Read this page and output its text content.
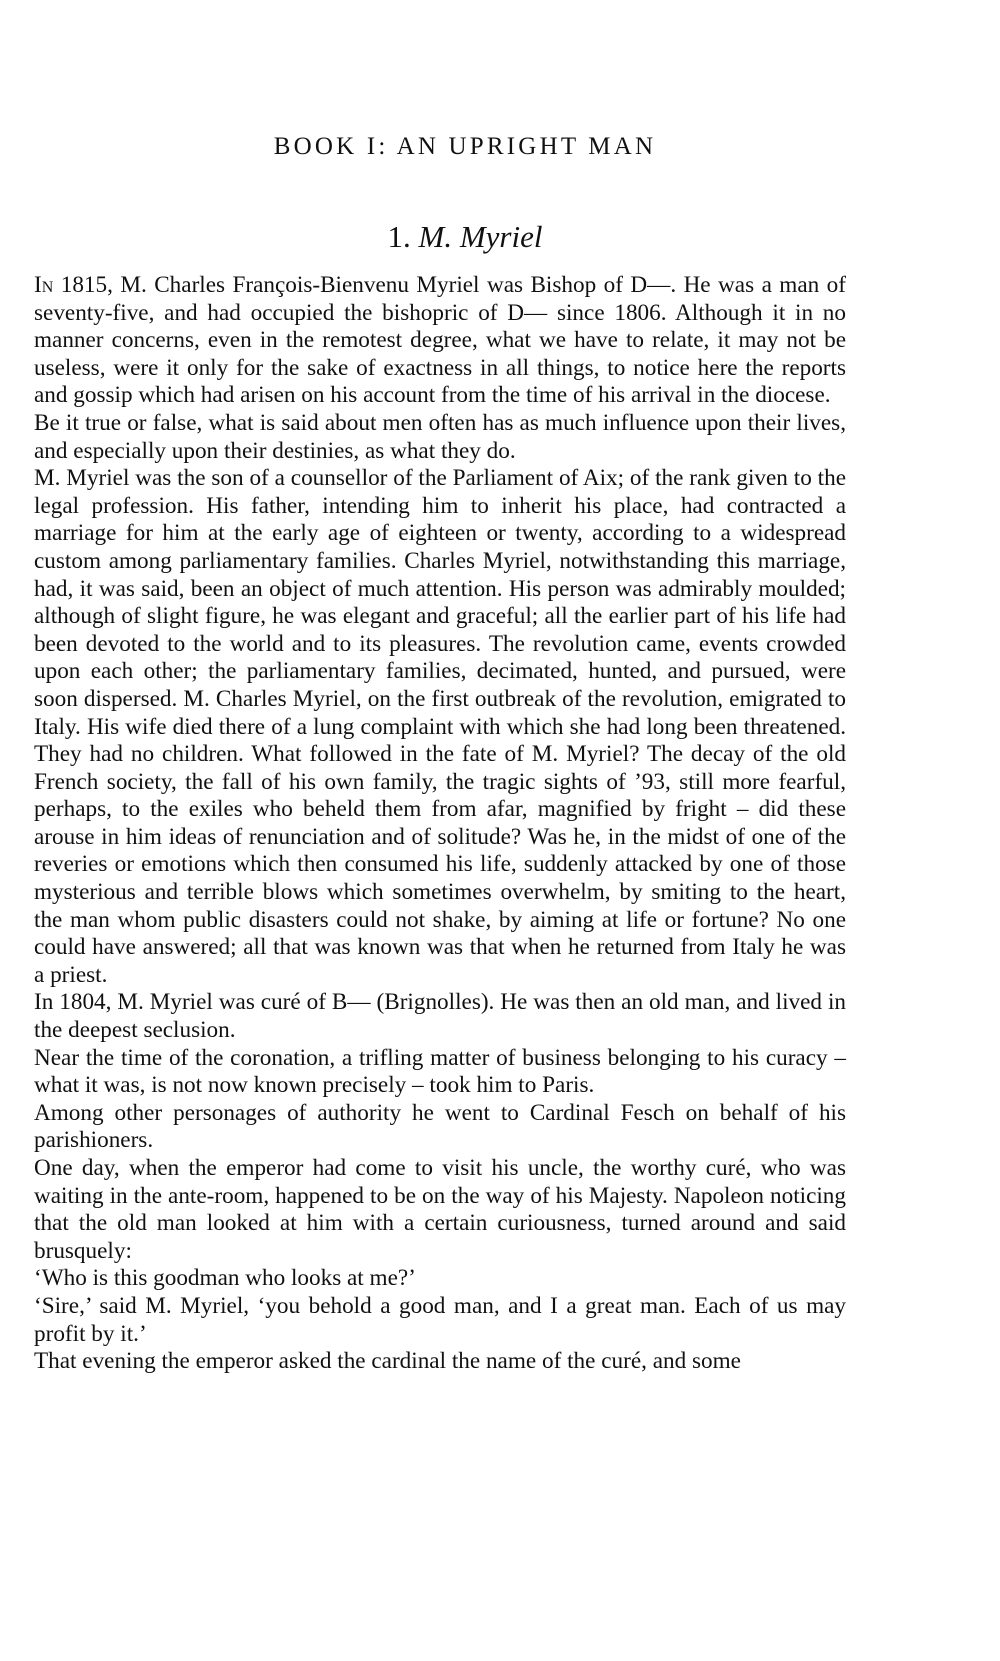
BOOK I: AN UPRIGHT MAN
1. M. Myriel

In 1815, M. Charles François-Bienvenu Myriel was Bishop of D—. He was a man of seventy-five, and had occupied the bishopric of D— since 1806. Although it in no manner concerns, even in the remotest degree, what we have to relate, it may not be useless, were it only for the sake of exactness in all things, to notice here the reports and gossip which had arisen on his account from the time of his arrival in the diocese.

Be it true or false, what is said about men often has as much influence upon their lives, and especially upon their destinies, as what they do.

M. Myriel was the son of a counsellor of the Parliament of Aix; of the rank given to the legal profession. His father, intending him to inherit his place, had contracted a marriage for him at the early age of eighteen or twenty, according to a widespread custom among parliamentary families. Charles Myriel, notwithstanding this marriage, had, it was said, been an object of much attention. His person was admirably moulded; although of slight figure, he was elegant and graceful; all the earlier part of his life had been devoted to the world and to its pleasures. The revolution came, events crowded upon each other; the parliamentary families, decimated, hunted, and pursued, were soon dispersed. M. Charles Myriel, on the first outbreak of the revolution, emigrated to Italy. His wife died there of a lung complaint with which she had long been threatened. They had no children. What followed in the fate of M. Myriel? The decay of the old French society, the fall of his own family, the tragic sights of ’93, still more fearful, perhaps, to the exiles who beheld them from afar, magnified by fright – did these arouse in him ideas of renunciation and of solitude? Was he, in the midst of one of the reveries or emotions which then consumed his life, suddenly attacked by one of those mysterious and terrible blows which sometimes overwhelm, by smiting to the heart, the man whom public disasters could not shake, by aiming at life or fortune? No one could have answered; all that was known was that when he returned from Italy he was a priest.

In 1804, M. Myriel was curé of B— (Brignolles). He was then an old man, and lived in the deepest seclusion.

Near the time of the coronation, a trifling matter of business belonging to his curacy – what it was, is not now known precisely – took him to Paris.

Among other personages of authority he went to Cardinal Fesch on behalf of his parishioners.

One day, when the emperor had come to visit his uncle, the worthy curé, who was waiting in the ante-room, happened to be on the way of his Majesty. Napoleon noticing that the old man looked at him with a certain curiousness, turned around and said brusquely:

‘Who is this goodman who looks at me?’

‘Sire,’ said M. Myriel, ‘you behold a good man, and I a great man. Each of us may profit by it.’

That evening the emperor asked the cardinal the name of the curé, and some
